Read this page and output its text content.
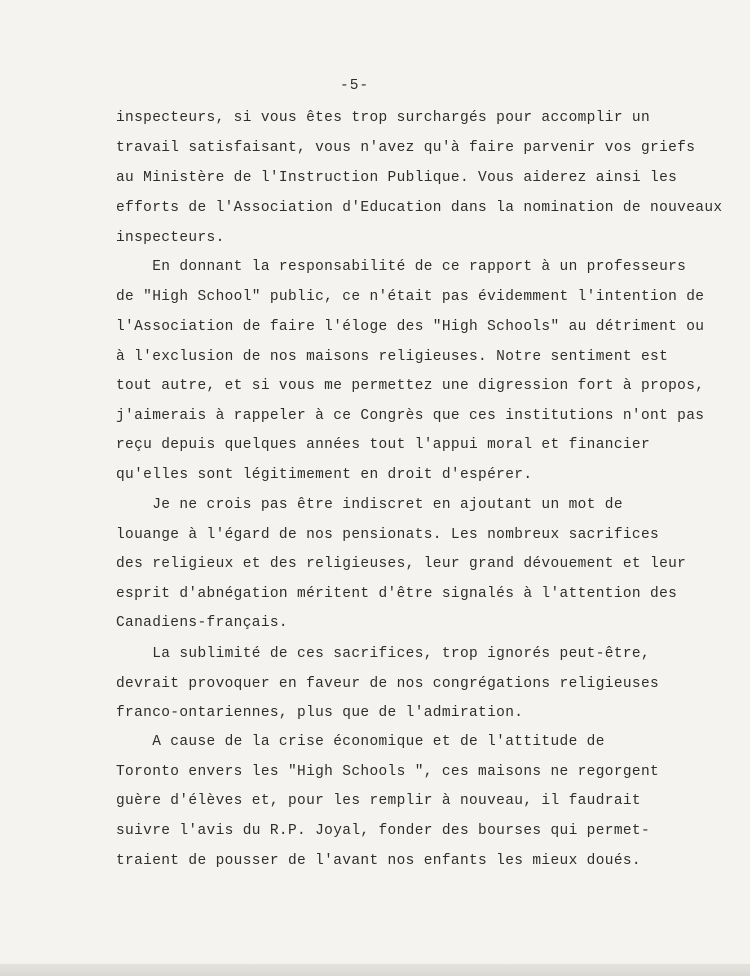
-5-
inspecteurs, si vous êtes trop surchargés pour accomplir un
travail satisfaisant, vous n'avez qu'à faire parvenir vos griefs
au Ministère de l'Instruction Publique. Vous aiderez ainsi les
efforts de l'Association d'Education dans la nomination de nouveaux
inspecteurs.
En donnant la responsabilité de ce rapport à un professeurs
de "High School" public, ce n'était pas évidemment l'intention de
l'Association de faire l'éloge des "High Schools" au détriment ou
à l'exclusion de nos maisons religieuses. Notre sentiment est
tout autre, et si vous me permettez une digression fort à propos,
j'aimerais à rappeler à ce Congrès que ces institutions n'ont pas
reçu depuis quelques années tout l'appui moral et financier
qu'elles sont légitimement en droit d'espérer.
Je ne crois pas être indiscret en ajoutant un mot de
louange à l'égard de nos pensionats. Les nombreux sacrifices
des religieux et des religieuses, leur grand dévouement et leur
esprit d'abnégation méritent d'être signalés à l'attention des
Canadiens-français.
La sublimité de ces sacrifices, trop ignorés peut-être,
devrait provoquer en faveur de nos congrégations religieuses
franco-ontariennes, plus que de l'admiration.
A cause de la crise économique et de l'attitude de
Toronto envers les "High Schools ", ces maisons ne regorgent
guère d'élèves et, pour les remplir à nouveau, il faudrait
suivre l'avis du R.P. Joyal, fonder des bourses qui permet-
traient de pousser de l'avant nos enfants les mieux doués.
